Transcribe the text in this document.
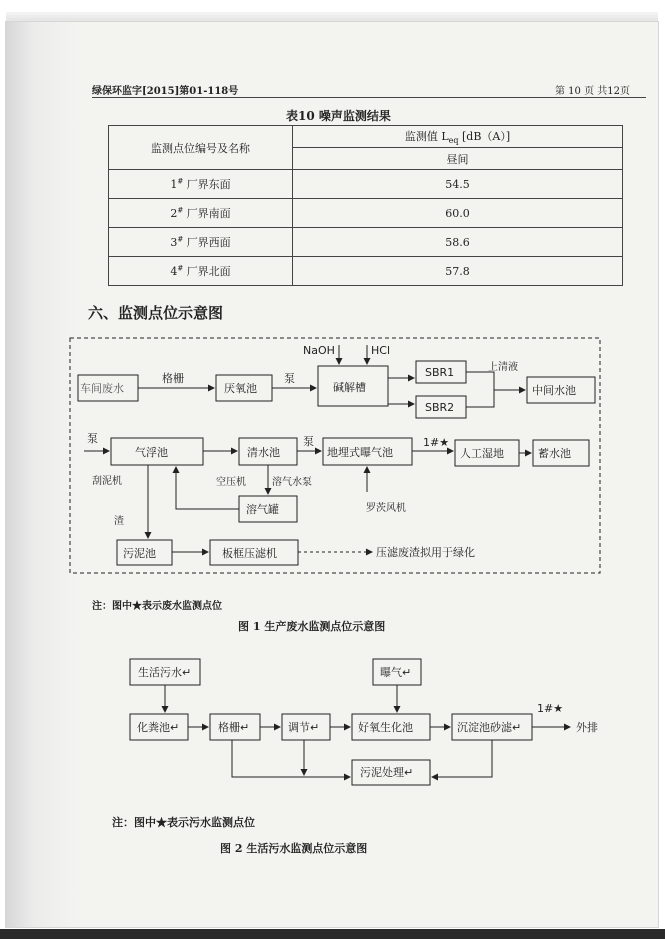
绿保环监字[2015]第01-118号	第 10 页 共12页
表10 噪声监测结果
监测点位编号及名称	监测值 $L_{eq}$ [dB（A）]
	昼间
1# 厂界东面	54.5
2# 厂界南面	60.0
3# 厂界西面	58.6
4# 厂界北面	57.8
六、监测点位示意图
NaOH	HCl
车间废水
格栅
厌氧池
泵
碱解槽
SBR1
SBR2
上清液
中间水池
泵
气浮池	清水池
泵
地埋式曝气池
1#★
人工湿地	蓄水池
刮泥机	空压机	溶气水泵
溶气罐	罗茨风机
渣
污泥池	板框压滤机	压滤废渣拟用于绿化
生活污水↵
化粪池↵	格栅↵	调节↵
曝气↵
好氧生化池	沉淀池砂滤↵	外排
1#★
污泥处理↵
注：图中★表示废水监测点位
图 1 生产废水监测点位示意图
注：图中★表示污水监测点位
图 2 生活污水监测点位示意图
